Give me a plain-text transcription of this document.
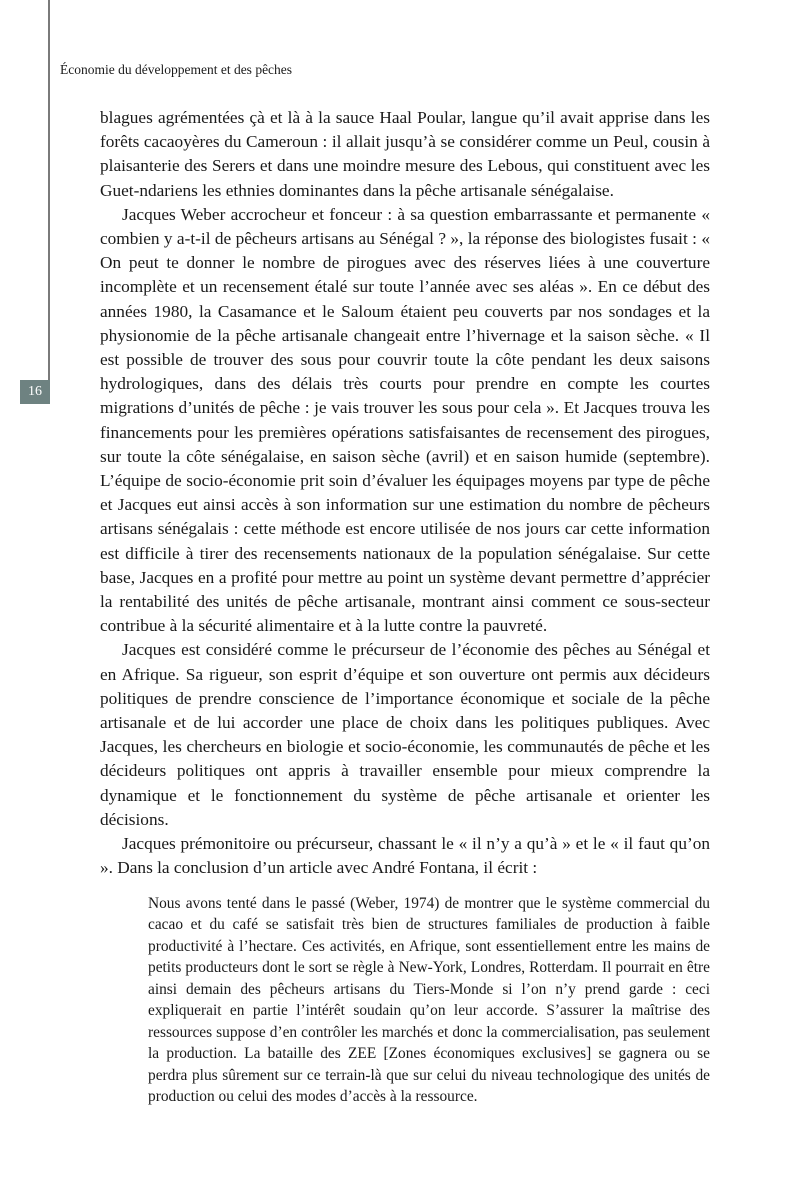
16
Économie du développement et des pêches

blagues agrémentées çà et là à la sauce Haal Poular, langue qu’il avait apprise dans les forêts cacaoyères du Cameroun : il allait jusqu’à se considérer comme un Peul, cousin à plaisanterie des Serers et dans une moindre mesure des Lebous, qui constituent avec les Guet-ndariens les ethnies dominantes dans la pêche artisanale sénégalaise.

Jacques Weber accrocheur et fonceur : à sa question embarrassante et permanente « combien y a-t-il de pêcheurs artisans au Sénégal ? », la réponse des biologistes fusait : « On peut te donner le nombre de pirogues avec des réserves liées à une couverture incomplète et un recensement étalé sur toute l’année avec ses aléas ». En ce début des années 1980, la Casamance et le Saloum étaient peu couverts par nos sondages et la physionomie de la pêche artisanale changeait entre l’hivernage et la saison sèche. « Il est possible de trouver des sous pour couvrir toute la côte pendant les deux saisons hydrologiques, dans des délais très courts pour prendre en compte les courtes migrations d’unités de pêche : je vais trouver les sous pour cela ». Et Jacques trouva les financements pour les premières opérations satisfaisantes de recensement des pirogues, sur toute la côte sénégalaise, en saison sèche (avril) et en saison humide (septembre). L’équipe de socio-économie prit soin d’évaluer les équipages moyens par type de pêche et Jacques eut ainsi accès à son information sur une estimation du nombre de pêcheurs artisans sénégalais : cette méthode est encore utilisée de nos jours car cette information est difficile à tirer des recensements nationaux de la population sénégalaise. Sur cette base, Jacques en a profité pour mettre au point un système devant permettre d’apprécier la rentabilité des unités de pêche artisanale, montrant ainsi comment ce sous-secteur contribue à la sécurité alimentaire et à la lutte contre la pauvreté.

Jacques est considéré comme le précurseur de l’économie des pêches au Sénégal et en Afrique. Sa rigueur, son esprit d’équipe et son ouverture ont permis aux décideurs politiques de prendre conscience de l’importance économique et sociale de la pêche artisanale et de lui accorder une place de choix dans les politiques publiques. Avec Jacques, les chercheurs en biologie et socio-économie, les communautés de pêche et les décideurs politiques ont appris à travailler ensemble pour mieux comprendre la dynamique et le fonctionnement du système de pêche artisanale et orienter les décisions.

Jacques prémonitoire ou précurseur, chassant le « il n’y a qu’à » et le « il faut qu’on ». Dans la conclusion d’un article avec André Fontana, il écrit :

Nous avons tenté dans le passé (Weber, 1974) de montrer que le système commercial du cacao et du café se satisfait très bien de structures familiales de production à faible productivité à l’hectare. Ces activités, en Afrique, sont essentiellement entre les mains de petits producteurs dont le sort se règle à New-York, Londres, Rotterdam. Il pourrait en être ainsi demain des pêcheurs artisans du Tiers-Monde si l’on n’y prend garde : ceci expliquerait en partie l’intérêt soudain qu’on leur accorde. S’assurer la maîtrise des ressources suppose d’en contrôler les marchés et donc la commercialisation, pas seulement la production. La bataille des ZEE [Zones économiques exclusives] se gagnera ou se perdra plus sûrement sur ce terrain-là que sur celui du niveau technologique des unités de production ou celui des modes d’accès à la ressource.
